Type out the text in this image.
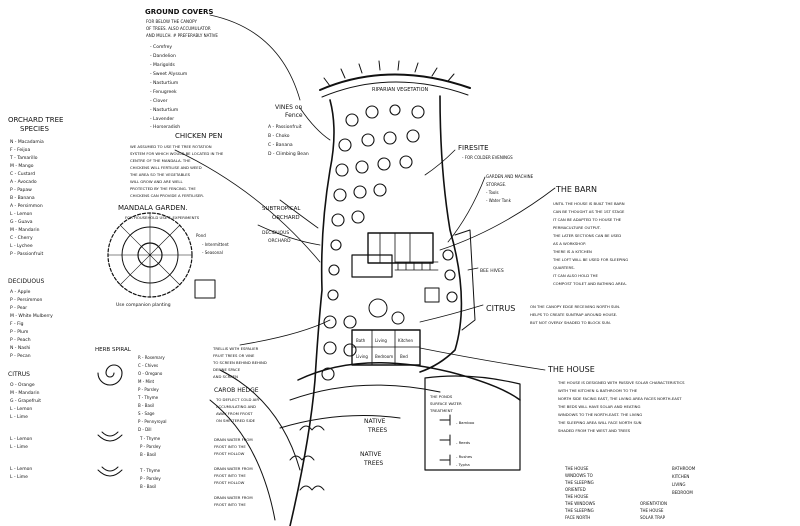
GROUND COVERS
FOR BELOW THE CANOPY
OF TREES. ALSO ACCUMULATOR
AND MULCH. # PREFERABLY NATIVE
- Comfrey
- Dandelion
- Marigolds
- Sweet Alyssum
- Nasturtium
- Fenugreek
- Clover
- Nasturtium
- Lavender
- Horseradish
RIPARIAN VEGETATION
VINES on
Fence
A - Passionfruit
B - Choko
C - Banana
D - Climbing Bean
ORCHARD TREE
SPECIES
N - Macadamia
F - Feijoa
T - Tamarillo
M - Mango
C - Custard
A - Avocado
P - Papaw
B - Banana
A - Persimmon
L - Lemon
G - Guava
M - Mandarin
C - Cherry
L - Lychee
P - Passionfruit
DECIDUOUS
A - Apple
P - Persimmon
P - Pear
M - White Mulberry
F - Fig
P - Plum
P - Peach
N - Nashi
P - Pecan
CITRUS
O - Orange
M - Mandarin
G - Grapefruit
L - Lemon
L - Lime
L - Lemon
L - Lime
L - Lemon
L - Lime
CHICKEN PEN
WE ASSUMED TO USE THE TREE ROTATION
SYSTEM FOR WHICH WOULD BE LOCATED IN THE
CENTRE OF THE MANDALA. THE
CHICKENS WILL FERTILISE AND WEED
THE AREA SO THE VEGETABLES
WILL GROW AND ARE WELL
PROTECTED BY THE FENCING. THE
CHICKENS CAN PROVIDE A FERTILISER.
MANDALA GARDEN.
FOR HOUSEHOLD USE & EXPERIMENTS
Pond
- Intermittent
- Seasonal
Use companion planting
SUBTROPICAL
ORCHARD
DECIDUOUS
ORCHARD
FIRESITE
- FOR COLDER EVENINGS
GARDEN AND MACHINE
STORAGE.
- Tools
- Water Tank
THE BARN
UNTIL THE HOUSE IS BUILT THE BARN
CAN BE THOUGHT AS THE 1ST STAGE
IT CAN BE ADAPTED TO HOUSE THE
PERMACULTURE OUTPUT.
THE LATER SECTIONS CAN BE USED
AS A WORKSHOP.
THERE IS A KITCHEN
THE LOFT WILL BE USED FOR SLEEPING
QUARTERS.
IT CAN ALSO HOLD THE
COMPOST TOILET AND BATHING AREA.
BEE HIVES
CITRUS	ON THE CANOPY EDGE RECEIVING NORTH SUN.
HELPS TO CREATE SUNTRAP AROUND HOUSE.
BUT NOT OVERLY SHADED TO BLOCK SUN.
Bath Living	Kitchen
Living Bedroom Bed
HERB SPIRAL
R - Rosemary
C - Chives
O - Oregano
M - Mint
P - Parsley
T - Thyme
B - Basil
S - Sage
P - Pennyroyal
D - Dill
T - Thyme
P - Parsley
B - Basil
T - Thyme
P - Parsley
B - Basil
TRELLIS WITH ESPALIER
FRUIT TREES OR VINE
TO SCREEN BEHIND BEHIND
DEFINE SPACE
AND SCREEN
CAROB HEDGE
TO DEFLECT COLD AIR
ACCUMULATING AND
AWAY FROM FROST
ON SHELTERED SIDE
DRAIN WATER FROM
FROST INTO THE
FROST HOLLOW
DRAIN WATER FROM
FROST INTO THE
FROST HOLLOW
DRAIN WATER FROM
FROST INTO THE
NATIVE
TREES
NATIVE
TREES
THE PONDS
SURFACE WATER
TREATMENT
- Bamboo
- Reeds
- Rushes
- Typha
THE HOUSE
THE HOUSE IS DESIGNED WITH PASSIVE SOLAR CHARACTERISTICS
WITH THE KITCHEN & BATHROOM TO THE
NORTH SIDE FACING EAST, THE LIVING AREA FACES NORTH-EAST
THE BEDS WILL HAVE SOLAR AND HEATING
WINDOWS TO THE NORTH-EAST. THE LIVING
THE SLEEPING AREA WILL FACE NORTH SUN
SHADED FROM THE WEST AND TREES
THE HOUSE
WINDOWS TO
THE SLEEPING
ORIENTED
THE HOUSE
THE WINDOWS
THE SLEEPING
FACE NORTH
BATHROOM
KITCHEN
LIVING
BEDROOM
ORIENTATION
THE HOUSE
SOLAR TRAP
